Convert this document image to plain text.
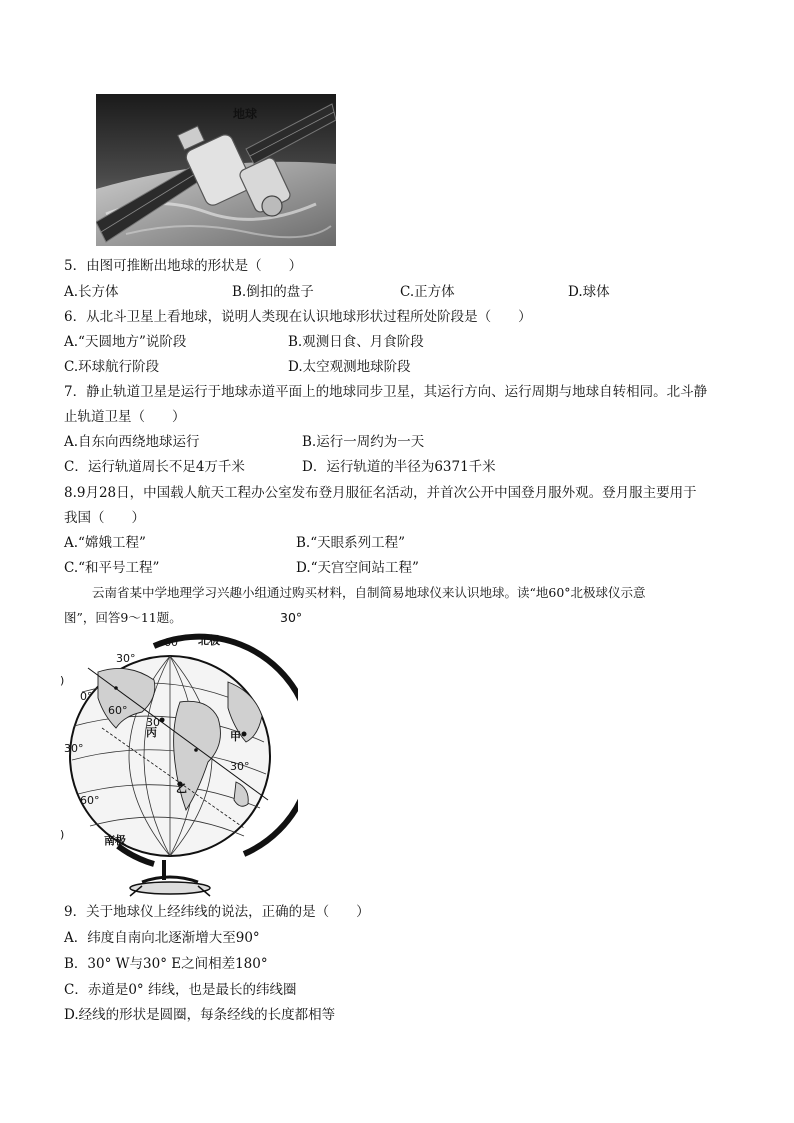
地球
5．由图可推断出地球的形状是（　　）
A.长方体	B.倒扣的盘子	C.正方体	D.球体
6．从北斗卫星上看地球，说明人类现在认识地球形状过程所处阶段是（　　）
A.“天圆地方”说阶段	B.观测日食、月食阶段
C.环球航行阶段	D.太空观测地球阶段
7．静止轨道卫星是运行于地球赤道平面上的地球同步卫星，其运行方向、运行周期与地球自转相同。北斗静
止轨道卫星（　　）
A.自东向西绕地球运行	B.运行一周约为一天
C．运行轨道周长不足4万千米	D．运行轨道的半径为6371千米
8.9月28日，中国载人航天工程办公室发布登月服征名活动，并首次公开中国登月服外观。登月服主要用于
我国（　　）
A.“嫦娥工程”	B.“天眼系列工程”
C.“和平号工程”	D.“天宫空间站工程”
云南省某中学地理学习兴趣小组通过购买材料，自制简易地球仪来认识地球。读“地60°北极球仪示意
图”，回答9～11题。	30°
北极
南极
甲
乙
丙
60°
30°
0°
60°
30°
30°
60°
30°
)
)
9．关于地球仪上经纬线的说法，正确的是（　　）
A．纬度自南向北逐渐增大至90°
B．30° W与30° E之间相差180°
C．赤道是0° 纬线，也是最长的纬线圈
D.经线的形状是圆圈，每条经线的长度都相等
